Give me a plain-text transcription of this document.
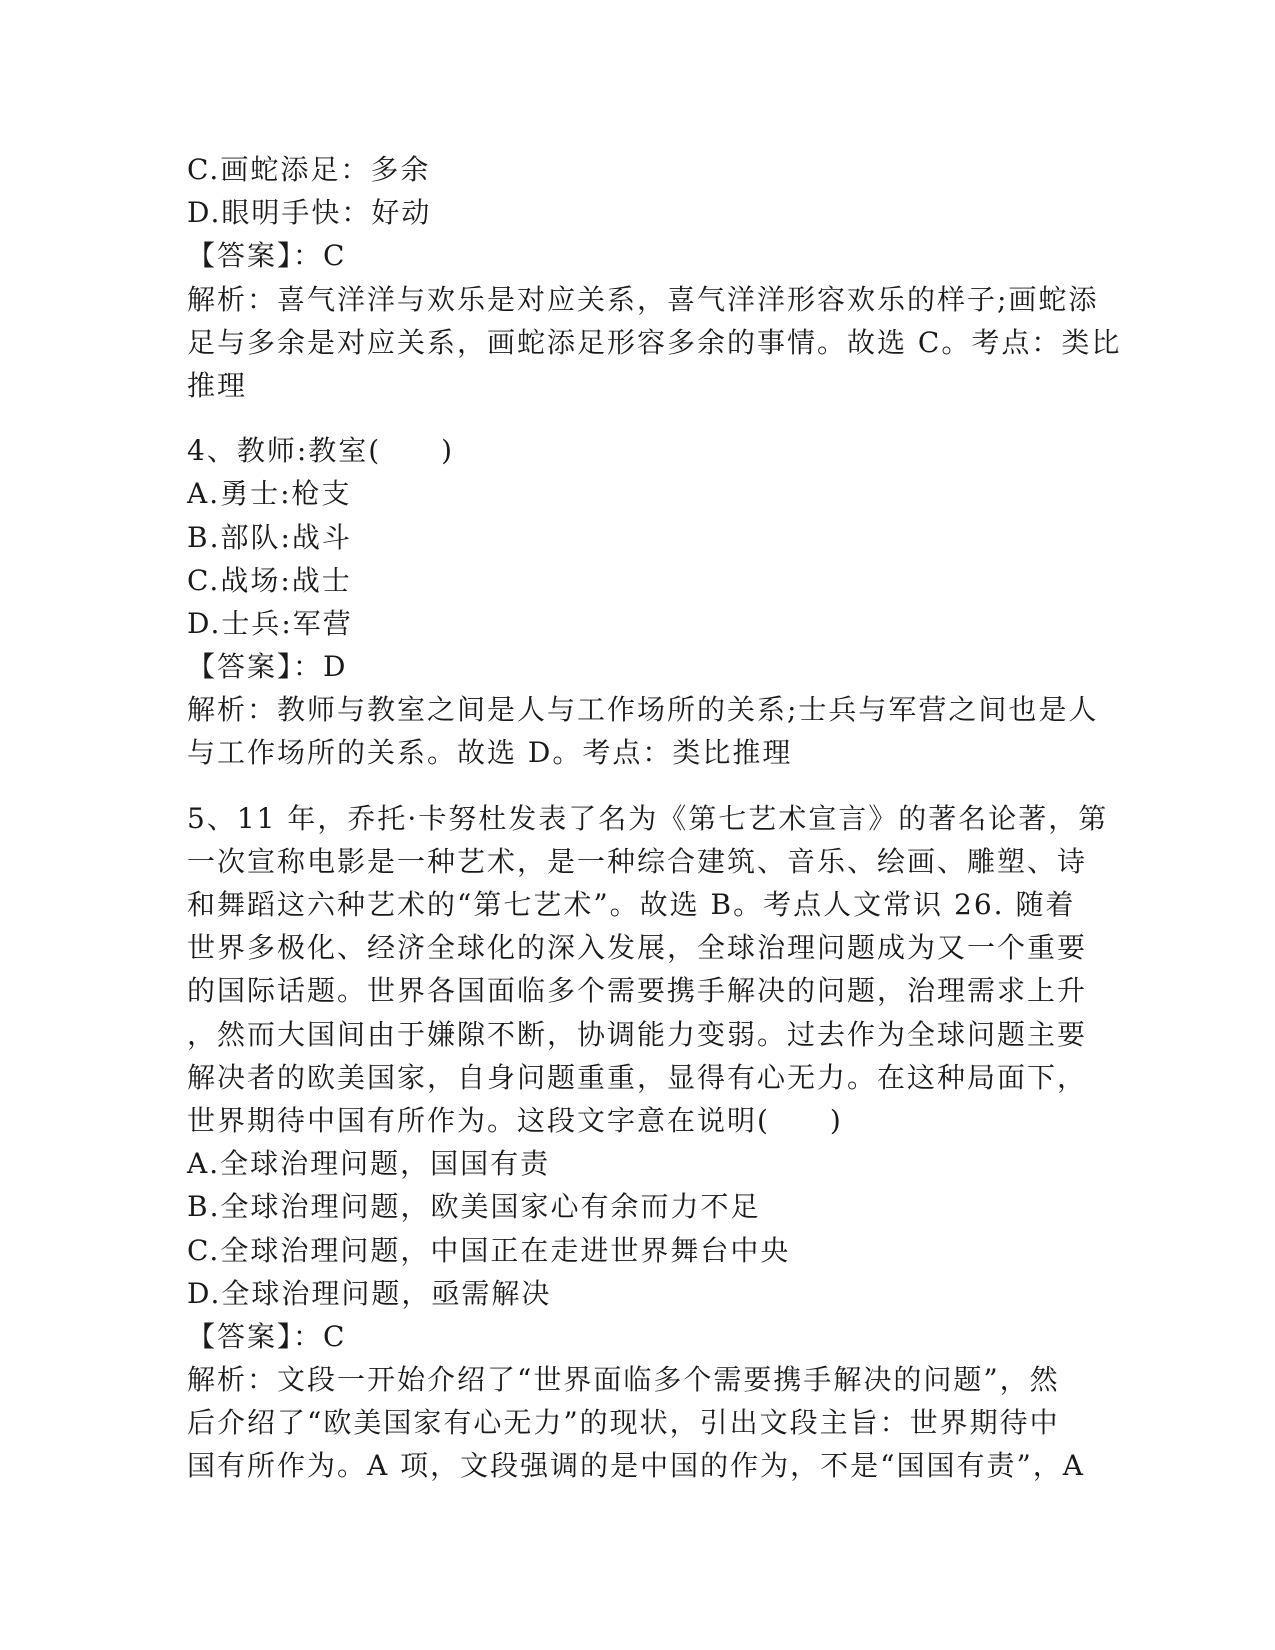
C.画蛇添足：多余
D.眼明手快：好动
【答案】：C
解析：喜气洋洋与欢乐是对应关系，喜气洋洋形容欢乐的样子;画蛇添
足与多余是对应关系，画蛇添足形容多余的事情。故选 C。考点：类比
推理
4、教师:教室(　　)
A.勇士:枪支
B.部队:战斗
C.战场:战士
D.士兵:军营
【答案】：D
解析：教师与教室之间是人与工作场所的关系;士兵与军营之间也是人
与工作场所的关系。故选 D。考点：类比推理
5、11 年，乔托·卡努杜发表了名为《第七艺术宣言》的著名论著，第
一次宣称电影是一种艺术，是一种综合建筑、音乐、绘画、雕塑、诗
和舞蹈这六种艺术的“第七艺术”。故选 B。考点人文常识 26. 随着
世界多极化、经济全球化的深入发展，全球治理问题成为又一个重要
的国际话题。世界各国面临多个需要携手解决的问题，治理需求上升
，然而大国间由于嫌隙不断，协调能力变弱。过去作为全球问题主要
解决者的欧美国家，自身问题重重，显得有心无力。在这种局面下，
世界期待中国有所作为。这段文字意在说明(　　)
A.全球治理问题，国国有责
B.全球治理问题，欧美国家心有余而力不足
C.全球治理问题，中国正在走进世界舞台中央
D.全球治理问题，亟需解决
【答案】：C
解析：文段一开始介绍了“世界面临多个需要携手解决的问题”，然
后介绍了“欧美国家有心无力”的现状，引出文段主旨：世界期待中
国有所作为。A 项，文段强调的是中国的作为，不是“国国有责”，A
